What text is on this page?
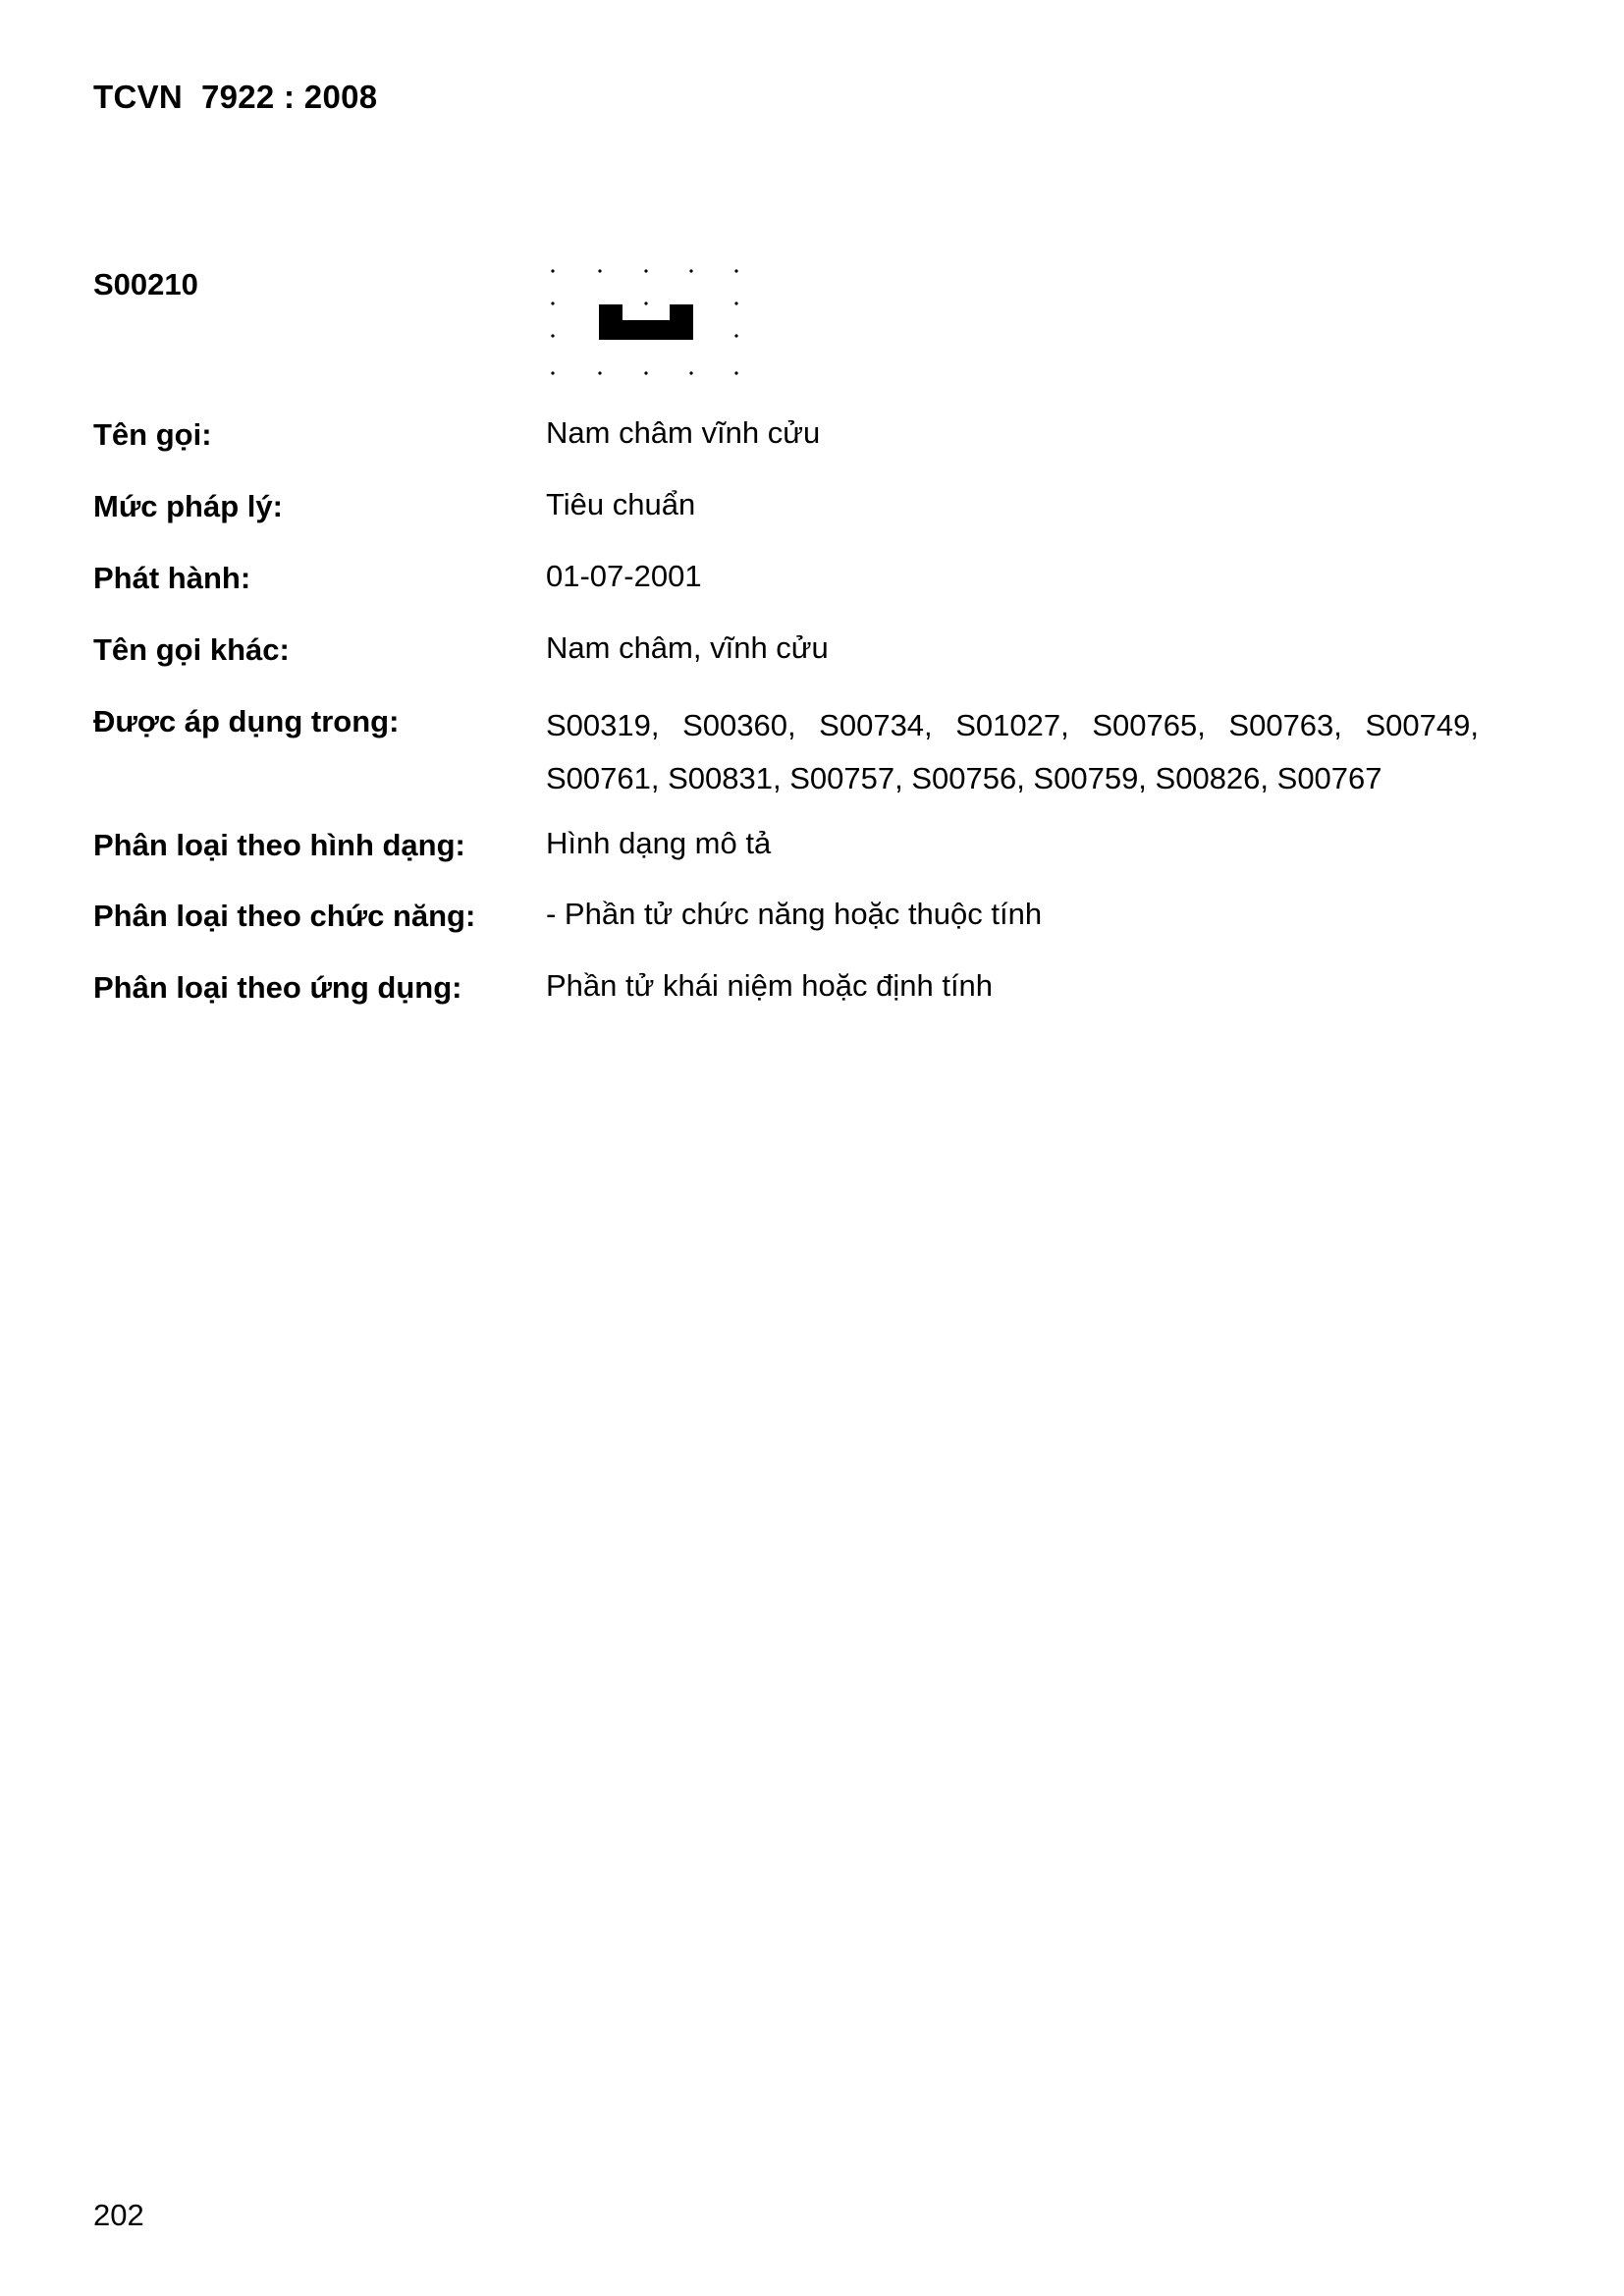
TCVN  7922 : 2008
S00210
Tên gọi:	Nam châm vĩnh cửu
Mức pháp lý:	Tiêu chuẩn
Phát hành:	01-07-2001
Tên gọi khác:	Nam châm, vĩnh cửu
Được áp dụng trong:	S00319, S00360, S00734, S01027, S00765, S00763, S00749, S00761, S00831, S00757, S00756, S00759, S00826, S00767
Phân loại theo hình dạng:	Hình dạng mô tả
Phân loại theo chức năng: - Phần tử chức năng hoặc thuộc tính
Phân loại theo ứng dụng:	Phần tử khái niệm hoặc định tính
202
